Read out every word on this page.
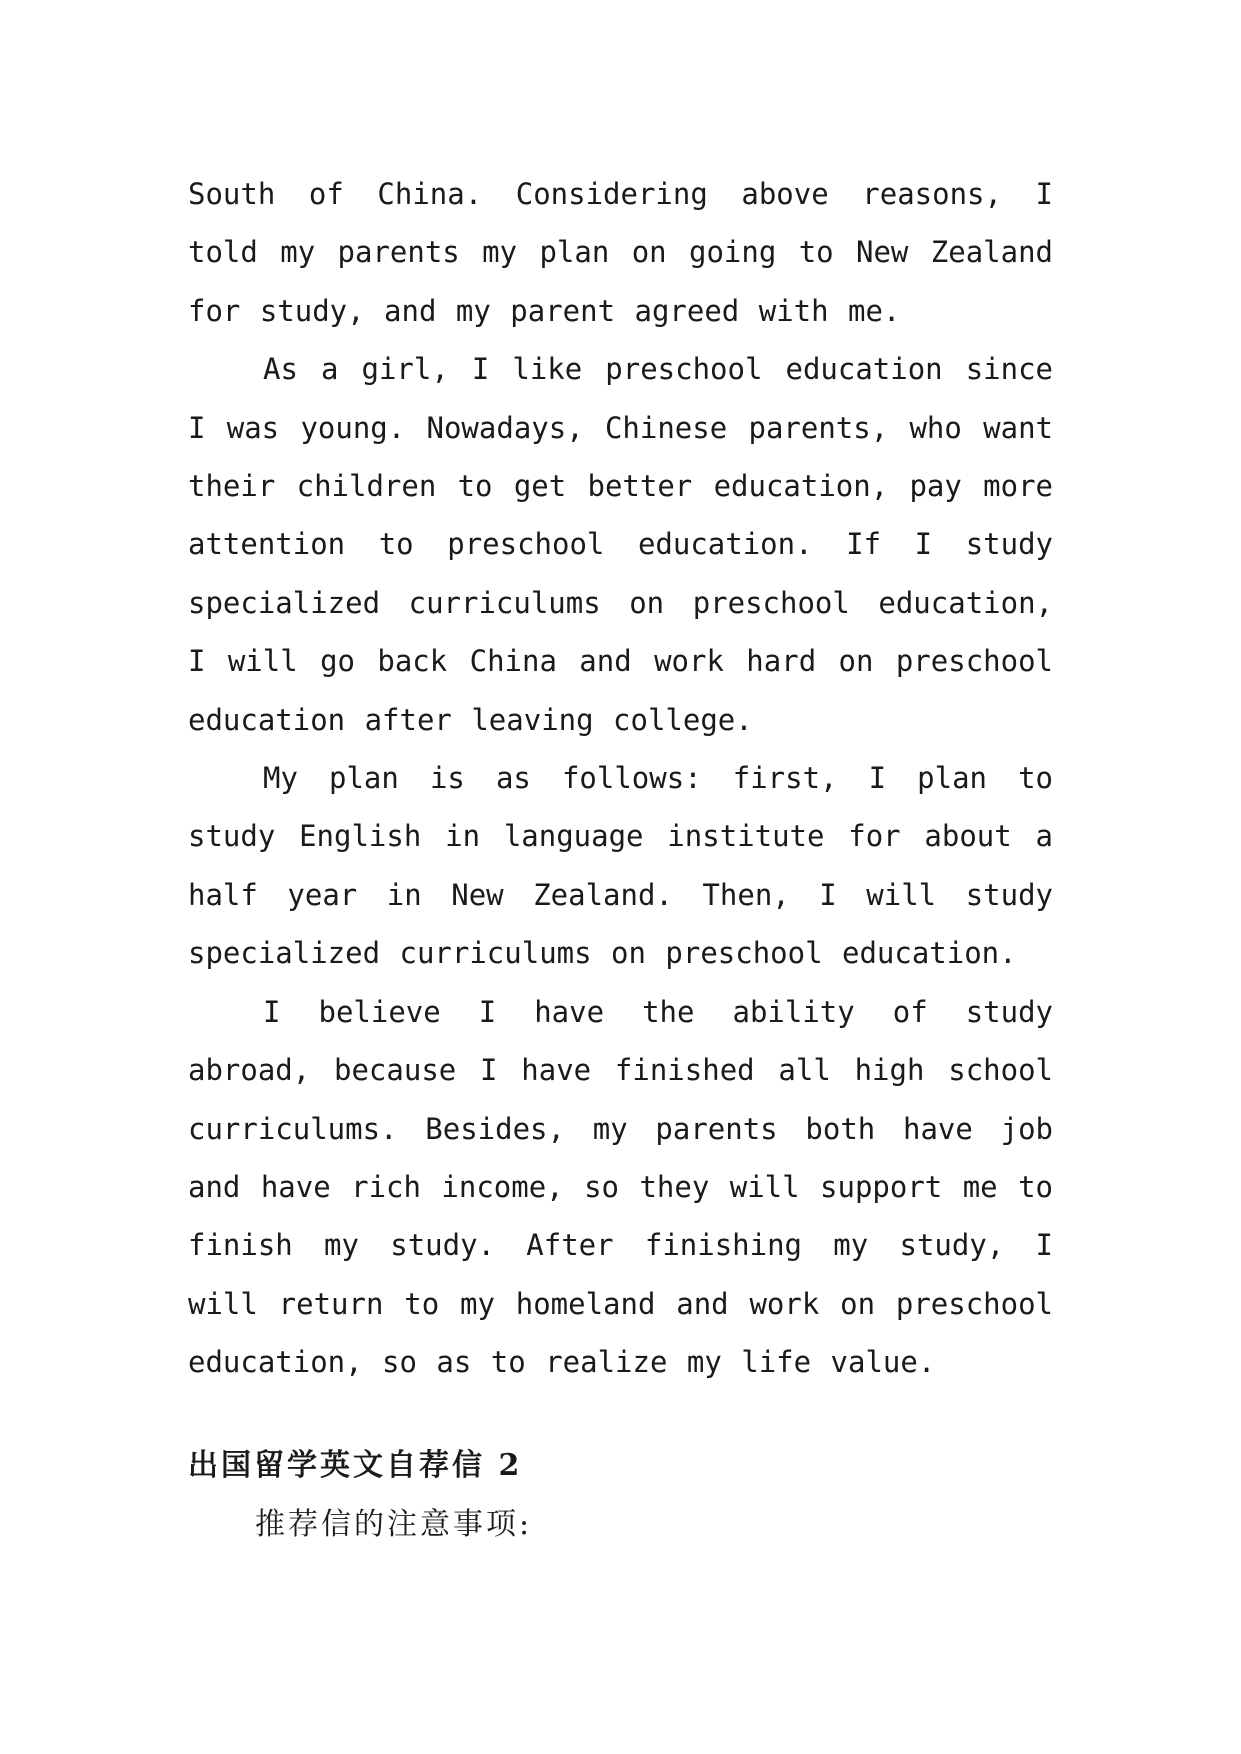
South of China. Considering above reasons, I told my parents my plan on going to New Zealand for study, and my parent agreed with me.

As a girl, I like preschool education since I was young. Nowadays, Chinese parents, who want their children to get better education, pay more attention to preschool education. If I study specialized curriculums on preschool education, I will go back China and work hard on preschool education after leaving college.

My plan is as follows: first, I plan to study English in language institute for about a half year in New Zealand. Then, I will study specialized curriculums on preschool education.

I believe I have the ability of study abroad, because I have finished all high school curriculums. Besides, my parents both have job and have rich income, so they will support me to finish my study. After finishing my study, I will return to my homeland and work on preschool education, so as to realize my life value.

出国留学英文自荐信 2

推荐信的注意事项:
